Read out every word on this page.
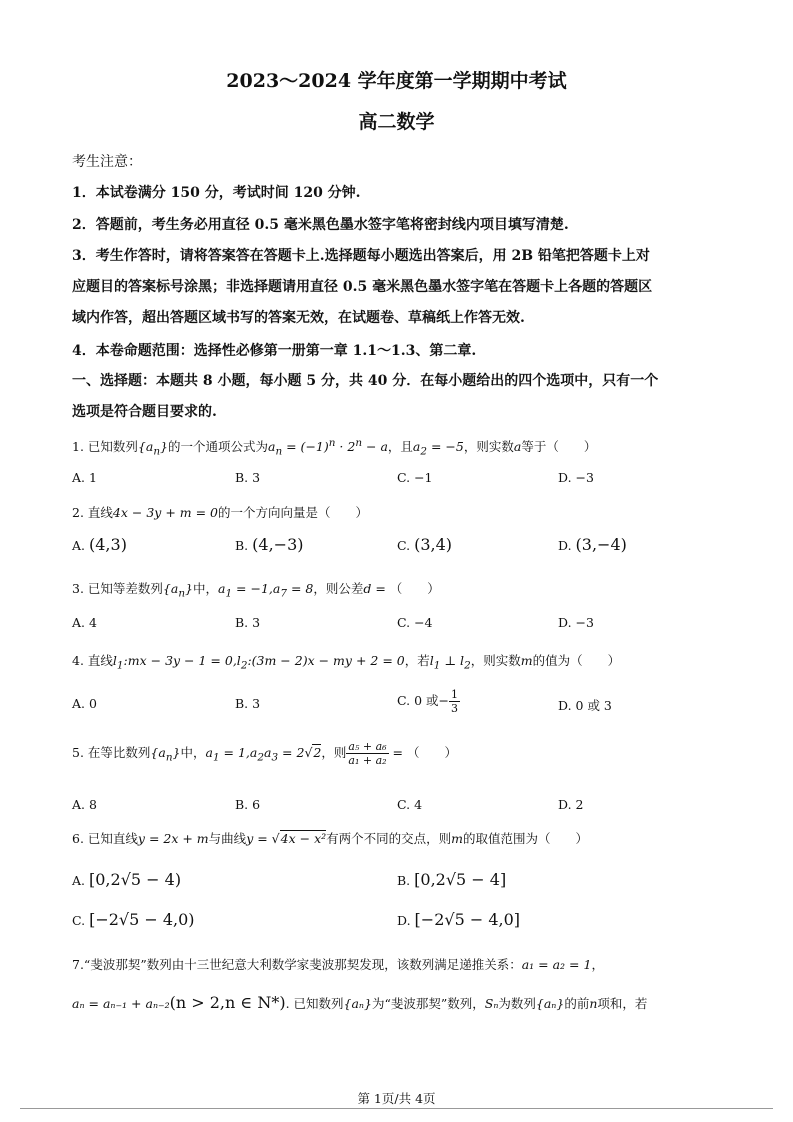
2023～2024 学年度第一学期期中考试
高二数学
考生注意：
1．本试卷满分 150 分，考试时间 120 分钟.
2．答题前，考生务必用直径 0.5 毫米黑色墨水签字笔将密封线内项目填写清楚.
3．考生作答时，请将答案答在答题卡上.选择题每小题选出答案后，用 2B 铅笔把答题卡上对
应题目的答案标号涂黑；非选择题请用直径 0.5 毫米黑色墨水签字笔在答题卡上各题的答题区
域内作答，超出答题区域书写的答案无效，在试题卷、草稿纸上作答无效.
4．本卷命题范围：选择性必修第一册第一章 1.1～1.3、第二章.
一、选择题：本题共 8 小题，每小题 5 分，共 40 分．在每小题给出的四个选项中，只有一个
选项是符合题目要求的.
1. 已知数列$\{a_n\}$的一个通项公式为$a_n = (-1)^n \cdot 2^n - a$，且$a_2 = -5$，则实数a等于（　　）
A. 1	B. 3	C. −1	D. −3
2. 直线4x − 3y + m = 0的一个方向向量是（　　）
A. (4,3)	B. (4,−3)	C. (3,4)	D. (3,−4)
3. 已知等差数列$\{a_n\}$中，$a_1 = -1,a_7 = 8$，则公差d = （　　）
A. 4	B. 3	C. −4	D. −3
4. 直线$l_1:mx - 3y - 1$ = $0,l_2:(3m - 2)x$ − my + 2 = 0，若$l_1$ ⊥ $l_2$，则实数m的值为（　　）
A. 0	B. 3	C. 0 或− $\frac{1}{3}$	D. 0 或 3
5. 在等比数列$\{a_n\}$中，$a_1 = 1,a_2a_3 = 2√2$，则 $\frac{\text{a₅ + a₆}}{\text{a₁ + a₂}}$ = （　　）
A. 8	B. 6	C. 4	D. 2
6. 已知直线y = 2x + m与曲线y = √4x − x²有两个不同的交点，则m的取值范围为（　　）
A. [0,2√5 − 4)	B. [0,2√5 − 4]
C. [−2√5 − 4,0)	D. [−2√5 − 4,0]
7.“斐波那契”数列由十三世纪意大利数学家斐波那契发现，该数列满足递推关系：a₁ = a₂ = 1，
aₙ = aₙ₋₁ + aₙ₋₂(n > 2,n ∈ N*). 已知数列{aₙ}为“斐波那契”数列，Sₙ为数列{aₙ}的前n项和，若
第 1页/共 4页
